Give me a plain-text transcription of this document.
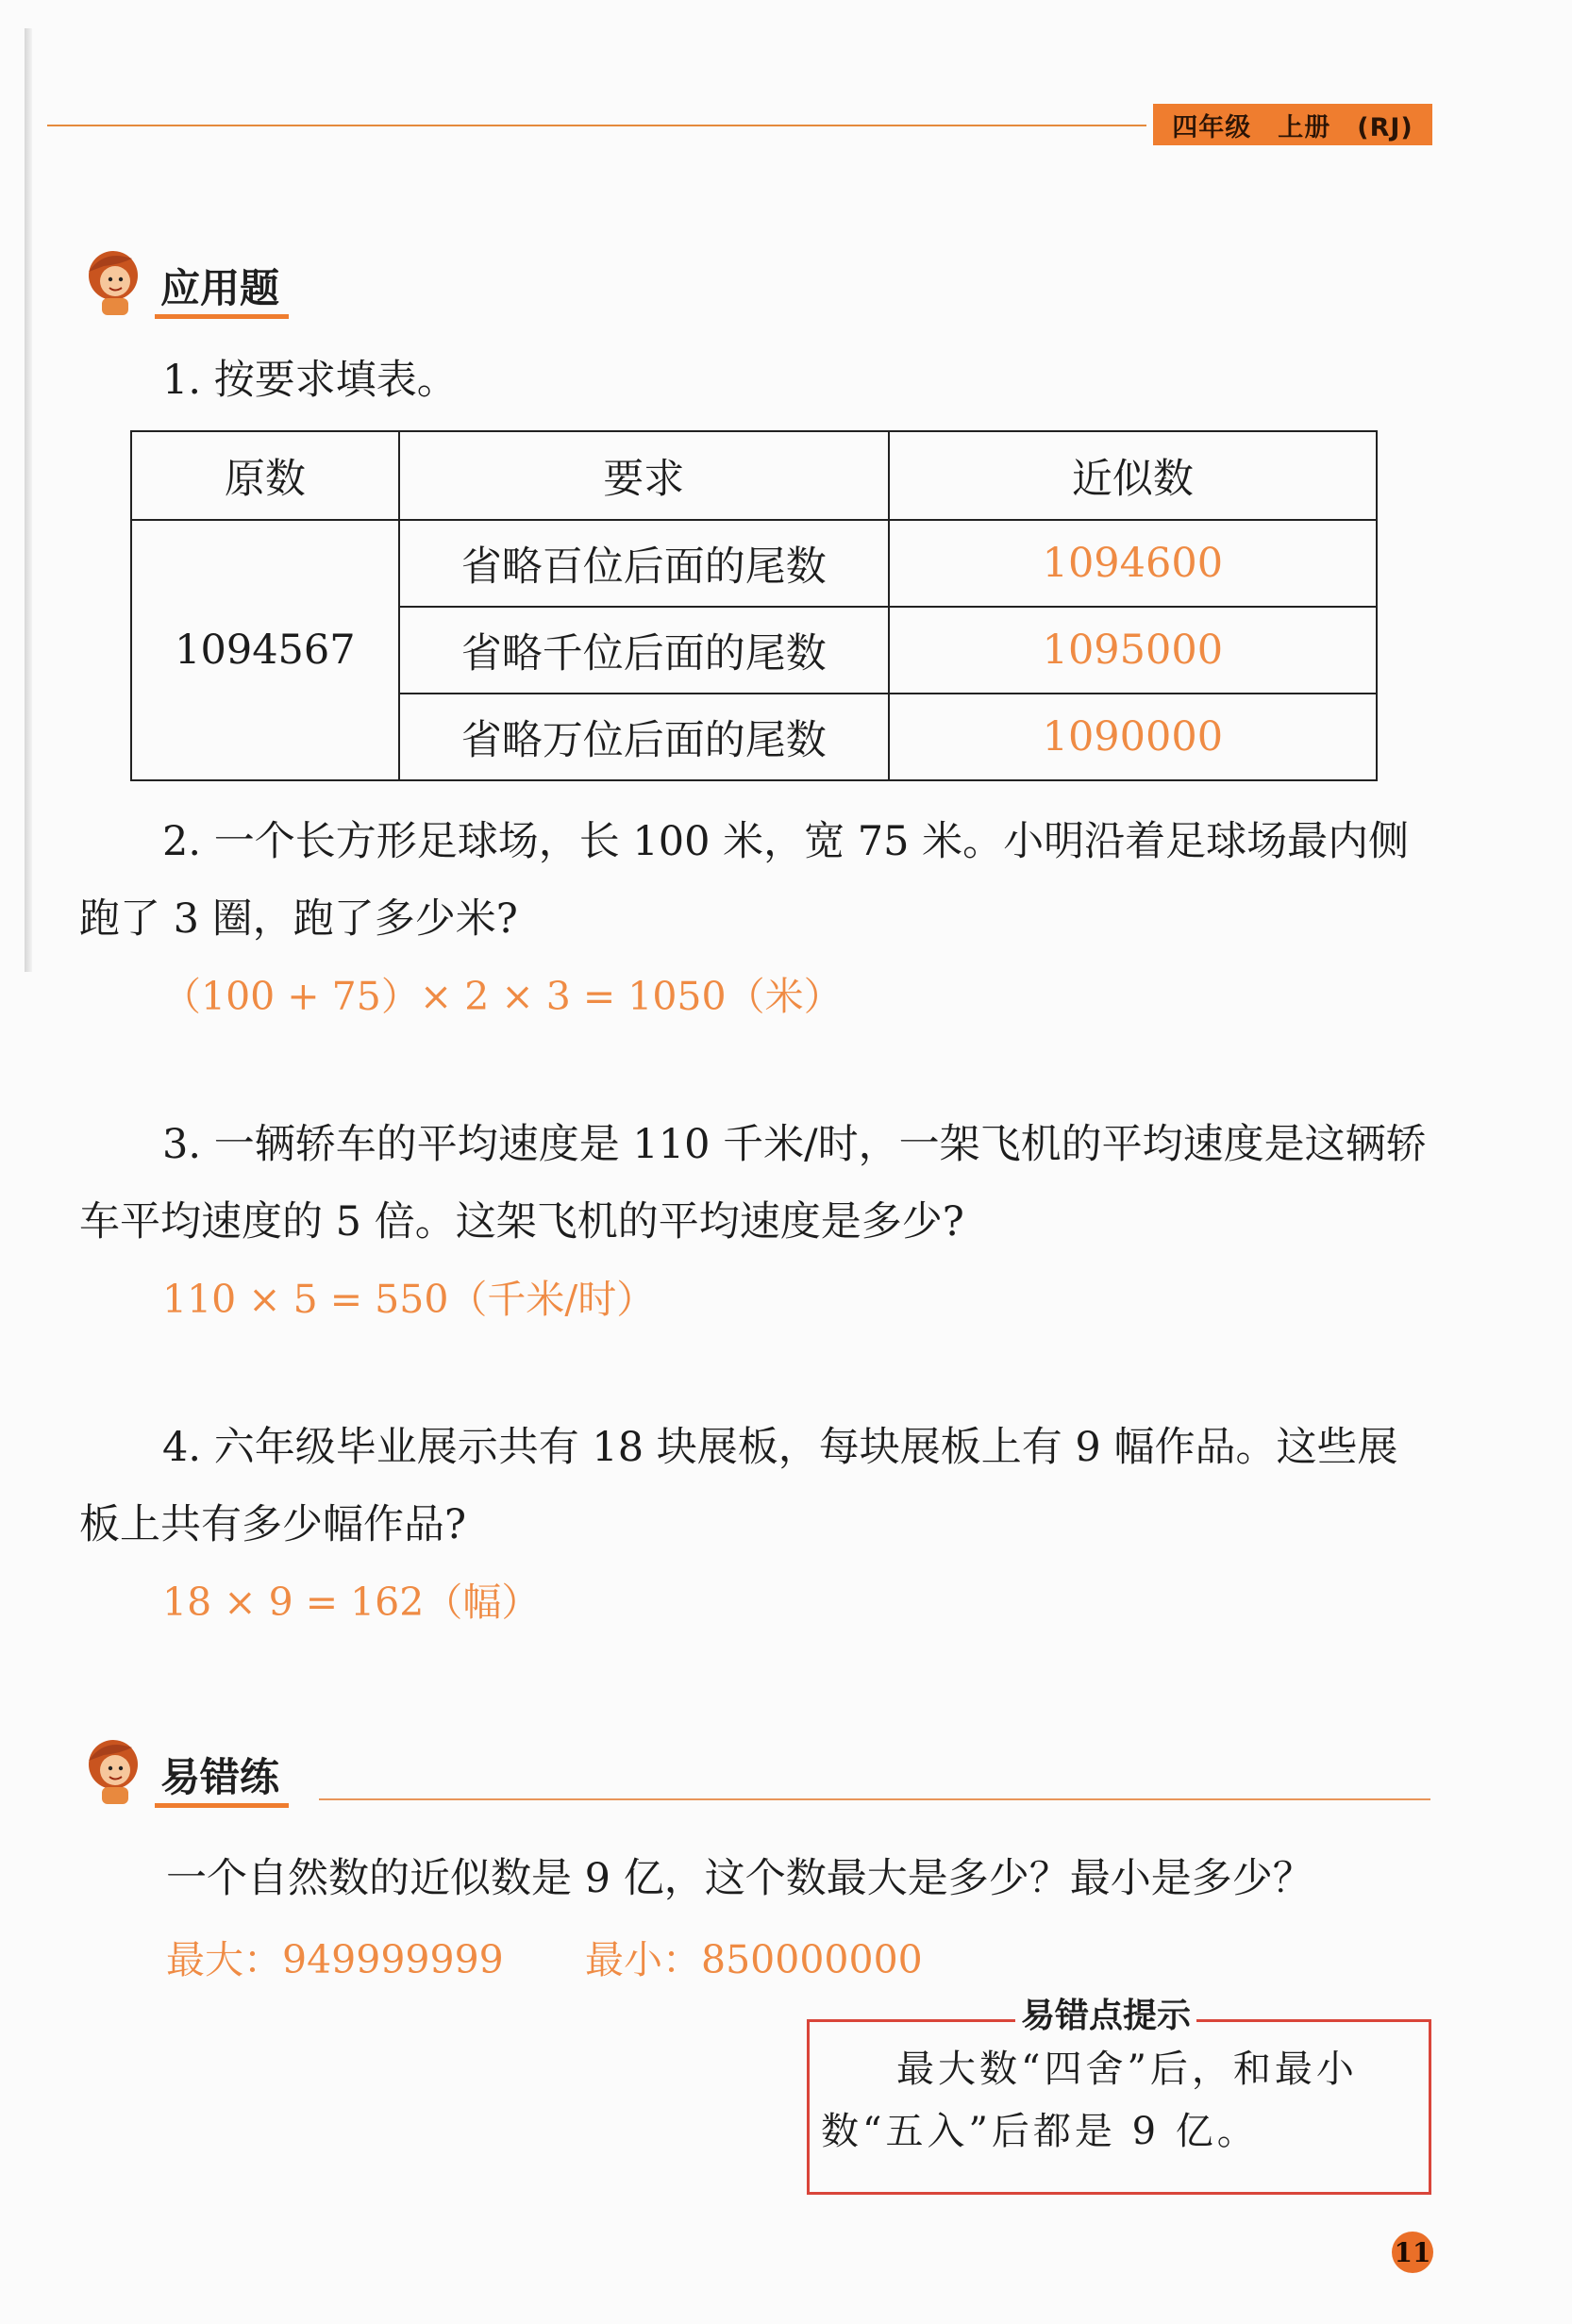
四年级　上册　(RJ)
应用题
1. 按要求填表。
原数	要求	近似数
1094567	省略百位后面的尾数	1094600
	省略千位后面的尾数	1095000
	省略万位后面的尾数	1090000
2. 一个长方形足球场，长 100 米，宽 75 米。小明沿着足球场最内侧跑了 3 圈，跑了多少米?
（100 + 75）× 2 × 3 = 1050（米）
3. 一辆轿车的平均速度是 110 千米/时，一架飞机的平均速度是这辆轿车平均速度的 5 倍。这架飞机的平均速度是多少?
110 × 5 = 550（千米/时）
4. 六年级毕业展示共有 18 块展板，每块展板上有 9 幅作品。这些展板上共有多少幅作品?
18 × 9 = 162（幅）
易错练
一个自然数的近似数是 9 亿，这个数最大是多少？最小是多少？
最大：949999999 最小：850000000
易错点提示
最大数“四舍”后，和最小数“五入”后都是 9 亿。
11
